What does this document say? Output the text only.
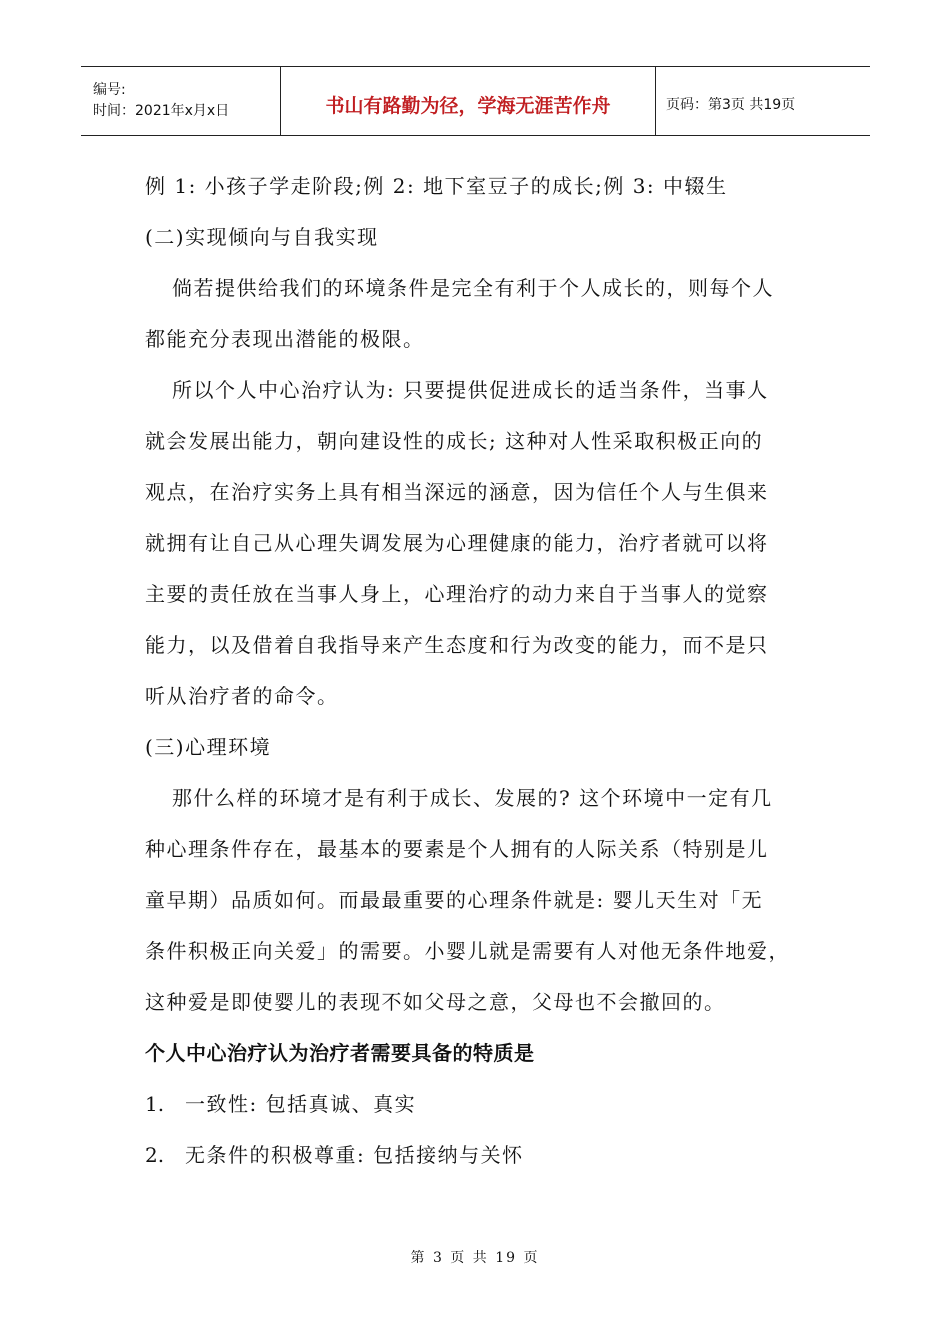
编号:
时间：2021年x月x日	书山有路勤为径，学海无涯苦作舟	页码：第3页 共19页
例 1: 小孩子学走阶段;例 2: 地下室豆子的成长;例 3: 中辍生
(二)实现倾向与自我实现
倘若提供给我们的环境条件是完全有利于个人成长的，则每个人
都能充分表现出潜能的极限。
所以个人中心治疗认为: 只要提供促进成长的适当条件，当事人
就会发展出能力，朝向建设性的成长; 这种对人性采取积极正向的
观点，在治疗实务上具有相当深远的涵意，因为信任个人与生俱来
就拥有让自己从心理失调发展为心理健康的能力，治疗者就可以将
主要的责任放在当事人身上，心理治疗的动力来自于当事人的觉察
能力，以及借着自我指导来产生态度和行为改变的能力，而不是只
听从治疗者的命令。
(三)心理环境
那什么样的环境才是有利于成长、发展的? 这个环境中一定有几
种心理条件存在，最基本的要素是个人拥有的人际关系（特别是儿
童早期）品质如何。而最最重要的心理条件就是: 婴儿天生对「无
条件积极正向关爱」的需要。小婴儿就是需要有人对他无条件地爱，
这种爱是即使婴儿的表现不如父母之意，父母也不会撤回的。
个人中心治疗认为治疗者需要具备的特质是
1. 一致性: 包括真诚、真实
2. 无条件的积极尊重: 包括接纳与关怀
第 3 页 共 19 页
